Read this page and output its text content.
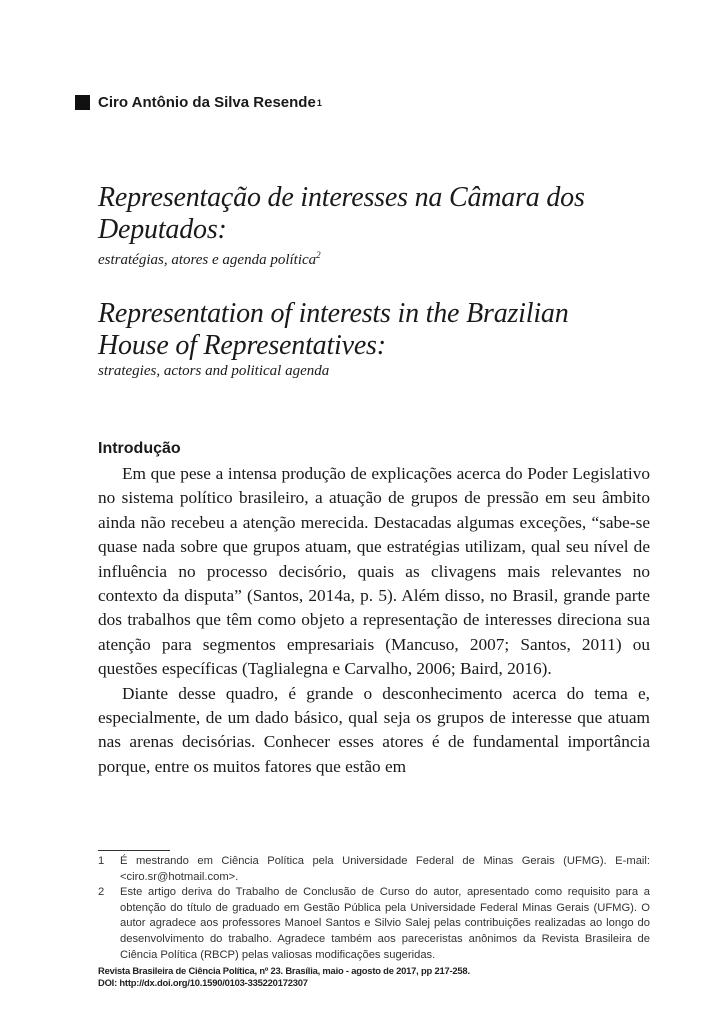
Ciro Antônio da Silva Resende 1

Representação de interesses na Câmara dos

Deputados:

estratégias, atores e agenda política$^2$

Representation of interests in the Brazilian

House of Representatives:

strategies, actors and political agenda

Introdução

Em que pese a intensa produção de explicações acerca do Poder Legislativo no sistema político brasileiro, a atuação de grupos de pressão em seu âmbito ainda não recebeu a atenção merecida. Destacadas algumas exceções, “sabe-se quase nada sobre que grupos atuam, que estratégias utilizam, qual seu nível de influência no processo decisório, quais as clivagens mais relevantes no contexto da disputa” (Santos, 2014a, p. 5). Além disso, no Brasil, grande parte dos trabalhos que têm como objeto a representação de interesses direciona sua atenção para segmentos empresariais (Mancuso, 2007; Santos, 2011) ou questões específicas (Taglialegna e Carvalho, 2006; Baird, 2016).

Diante desse quadro, é grande o desconhecimento acerca do tema e, especialmente, de um dado básico, qual seja os grupos de interesse que atuam nas arenas decisórias. Conhecer esses atores é de fundamental importância porque, entre os muitos fatores que estão em

1	É mestrando em Ciência Política pela Universidade Federal de Minas Gerais (UFMG). E-mail: <ciro.sr@hotmail.com>.
2	Este artigo deriva do Trabalho de Conclusão de Curso do autor, apresentado como requisito para a obtenção do título de graduado em Gestão Pública pela Universidade Federal Minas Gerais (UFMG). O autor agradece aos professores Manoel Santos e Silvio Salej pelas contribuições realizadas ao longo do desenvolvimento do trabalho. Agradece também aos pareceristas anônimos da Revista Brasileira de Ciência Política (RBCP) pelas valiosas modificações sugeridas.
Revista Brasileira de Ciência Política, nº 23. Brasília, maio - agosto de 2017, pp 217-258.
DOI: http://dx.doi.org/10.1590/0103-335220172307
